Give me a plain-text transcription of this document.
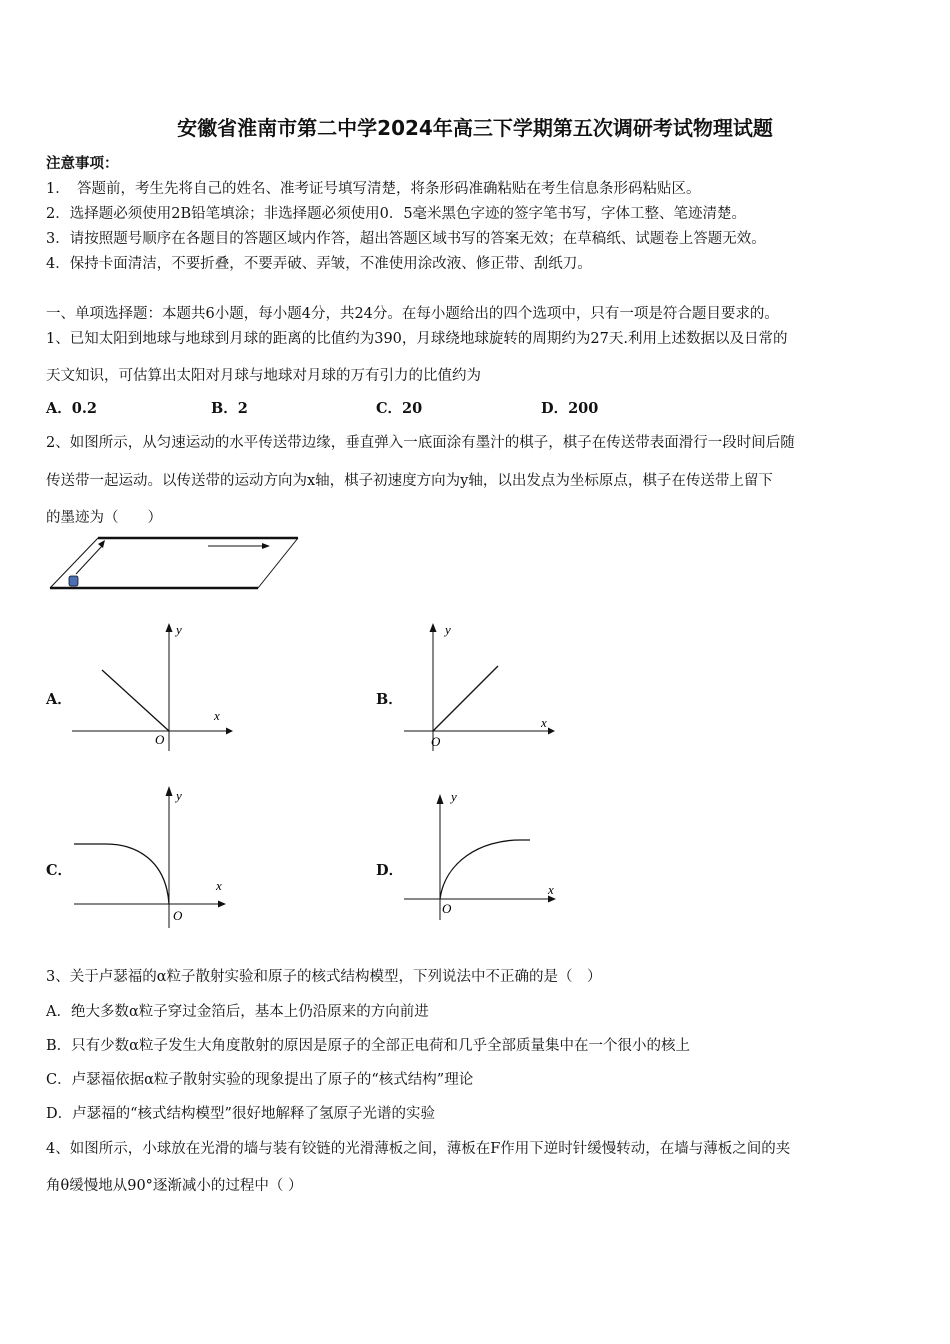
安徽省淮南市第二中学2024年高三下学期第五次调研考试物理试题
注意事项：
1．　答题前，考生先将自己的姓名、准考证号填写清楚，将条形码准确粘贴在考生信息条形码粘贴区。
2．选择题必须使用2B铅笔填涂；非选择题必须使用0．5毫米黑色字迹的签字笔书写，字体工整、笔迹清楚。
3．请按照题号顺序在各题目的答题区域内作答，超出答题区域书写的答案无效；在草稿纸、试题卷上答题无效。
4．保持卡面清洁，不要折叠，不要弄破、弄皱，不准使用涂改液、修正带、刮纸刀。
一、单项选择题：本题共6小题，每小题4分，共24分。在每小题给出的四个选项中，只有一项是符合题目要求的。
1、已知太阳到地球与地球到月球的距离的比值约为390，月球绕地球旋转的周期约为27天.利用上述数据以及日常的
天文知识，可估算出太阳对月球与地球对月球的万有引力的比值约为
A．0.2	B．2	C．20	D．200
2、如图所示，从匀速运动的水平传送带边缘，垂直弹入一底面涂有墨汁的棋子，棋子在传送带表面滑行一段时间后随
传送带一起运动。以传送带的运动方向为x轴，棋子初速度方向为y轴，以出发点为坐标原点，棋子在传送带上留下
的墨迹为（　　）
A．
y
x
O
B．
y
x
O
C．
y
x
O
D．
y
x
O
3、关于卢瑟福的α粒子散射实验和原子的核式结构模型，下列说法中不正确的是（　）
A．绝大多数α粒子穿过金箔后，基本上仍沿原来的方向前进
B．只有少数α粒子发生大角度散射的原因是原子的全部正电荷和几乎全部质量集中在一个很小的核上
C．卢瑟福依据α粒子散射实验的现象提出了原子的“核式结构”理论
D．卢瑟福的“核式结构模型”很好地解释了氢原子光谱的实验
4、如图所示，小球放在光滑的墙与装有铰链的光滑薄板之间，薄板在F作用下逆时针缓慢转动，在墙与薄板之间的夹
角θ缓慢地从90°逐渐减小的过程中（ ）
